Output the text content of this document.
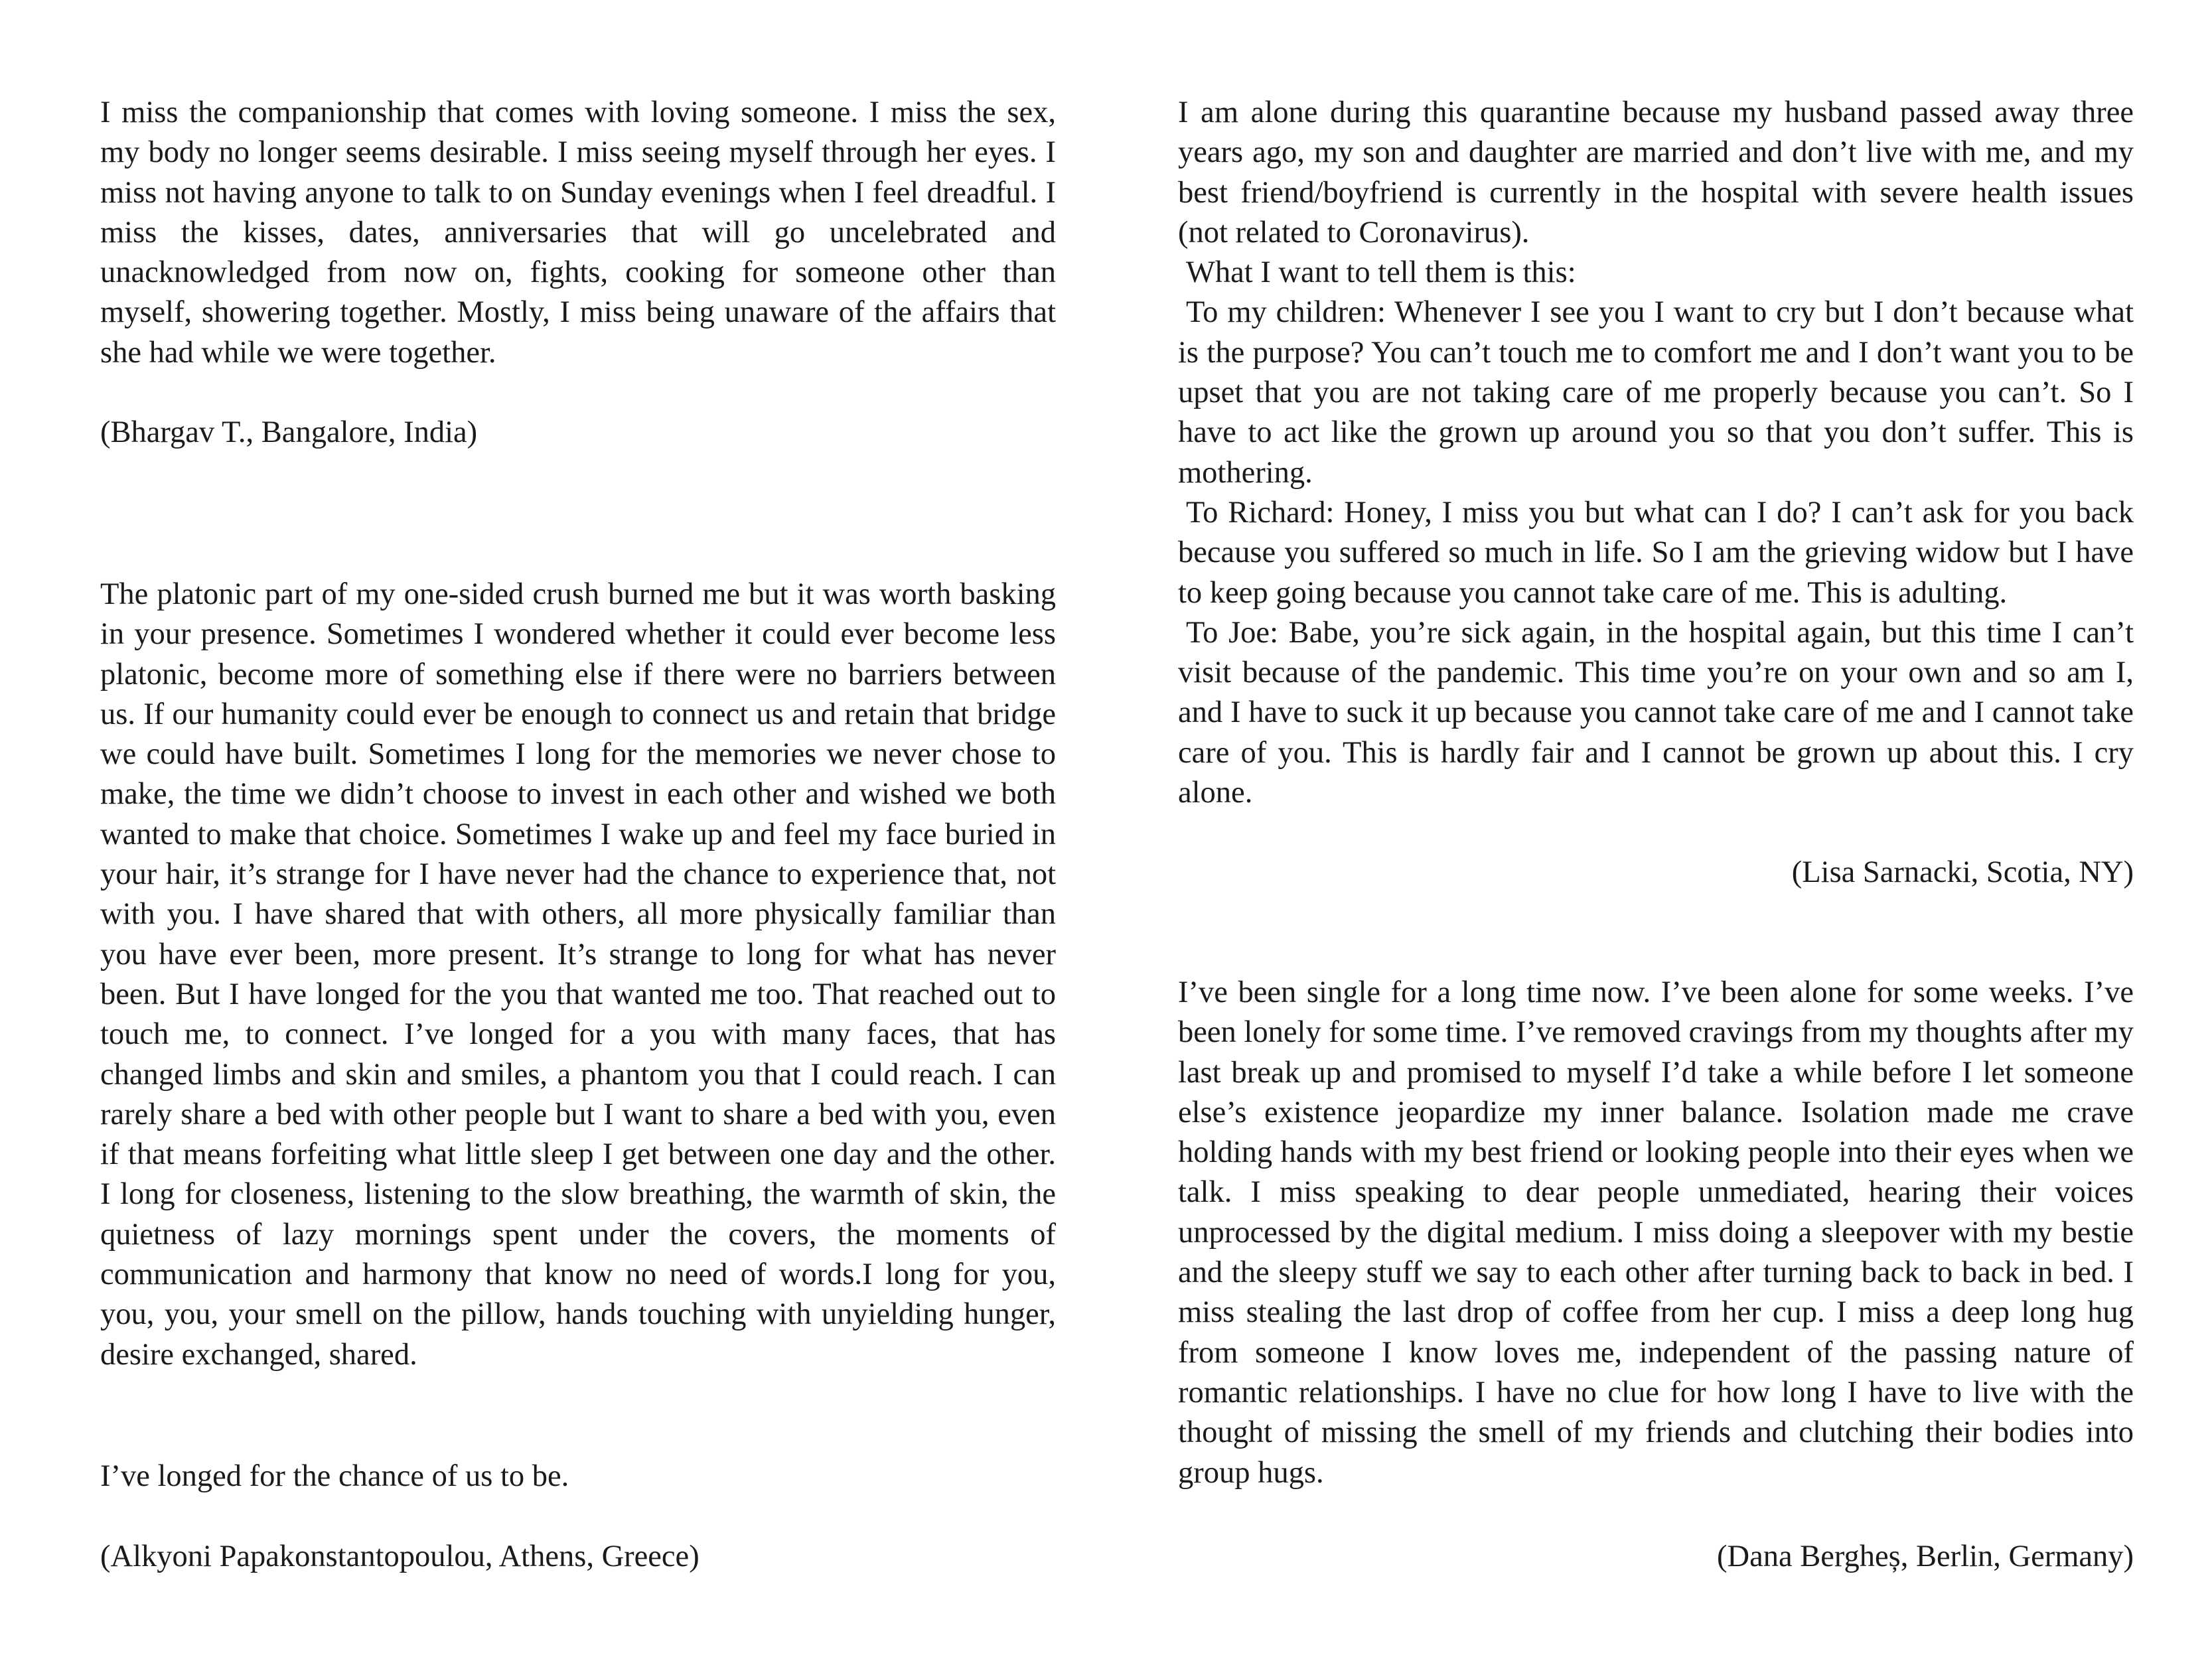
I miss the companionship that comes with loving someone. I miss the sex, my body no longer seems desirable. I miss seeing myself through her eyes. I miss not having anyone to talk to on Sunday evenings when I feel dreadful. I miss the kisses, dates, anniversaries that will go uncelebrated and unacknowledged from now on, fights, cooking for someone other than myself, showering together. Mostly, I miss being unaware of the affairs that she had while we were together.

(Bhargav T., Bangalore, India)

The platonic part of my one-sided crush burned me but it was worth basking in your presence. Sometimes I wondered whether it could ever become less platonic, become more of something else if there were no barriers between us. If our humanity could ever be enough to connect us and retain that bridge we could have built. Sometimes I long for the memories we never chose to make, the time we didn’t choose to invest in each other and wished we both wanted to make that choice. Sometimes I wake up and feel my face buried in your hair, it’s strange for I have never had the chance to experience that, not with you. I have shared that with others, all more physically familiar than you have ever been, more present. It’s strange to long for what has never been. But I have longed for the you that wanted me too. That reached out to touch me, to connect. I’ve longed for a you with many faces, that has changed limbs and skin and smiles, a phantom you that I could reach. I can rarely share a bed with other people but I want to share a bed with you, even if that means forfeiting what little sleep I get between one day and the other. I long for closeness, listening to the slow breathing, the warmth of skin, the quietness of lazy mornings spent under the covers, the moments of communication and harmony that know no need of words.I long for you, you, you, your smell on the pillow, hands touching with unyielding hunger, desire exchanged, shared.

I’ve longed for the chance of us to be.
(Alkyoni Papakonstantopoulou, Athens, Greece)

I am alone during this quarantine because my husband passed away three years ago, my son and daughter are married and don’t live with me, and my best friend/boyfriend is currently in the hospital with severe health issues (not related to Coronavirus).

What I want to tell them is this:

To my children: Whenever I see you I want to cry but I don’t because what is the purpose? You can’t touch me to comfort me and I don’t want you to be upset that you are not taking care of me properly because you can’t. So I have to act like the grown up around you so that you don’t suffer. This is mothering.

To Richard: Honey, I miss you but what can I do? I can’t ask for you back because you suffered so much in life. So I am the grieving widow but I have to keep going because you cannot take care of me. This is adulting.

To Joe: Babe, you’re sick again, in the hospital again, but this time I can’t visit because of the pandemic. This time you’re on your own and so am I, and I have to suck it up because you cannot take care of me and I cannot take care of you. This is hardly fair and I cannot be grown up about this. I cry alone.

(Lisa Sarnacki, Scotia, NY)

I’ve been single for a long time now. I’ve been alone for some weeks. I’ve been lonely for some time. I’ve removed cravings from my thoughts after my last break up and promised to myself I’d take a while before I let someone else’s existence jeopardize my inner balance. Isolation made me crave holding hands with my best friend or looking people into their eyes when we talk. I miss speaking to dear people unmediated, hearing their voices unprocessed by the digital medium. I miss doing a sleepover with my bestie and the sleepy stuff we say to each other after turning back to back in bed. I miss stealing the last drop of coffee from her cup. I miss a deep long hug from someone I know loves me, independent of the passing nature of romantic relationships. I have no clue for how long I have to live with the thought of missing the smell of my friends and clutching their bodies into group hugs.

(Dana Bergheș, Berlin, Germany)
